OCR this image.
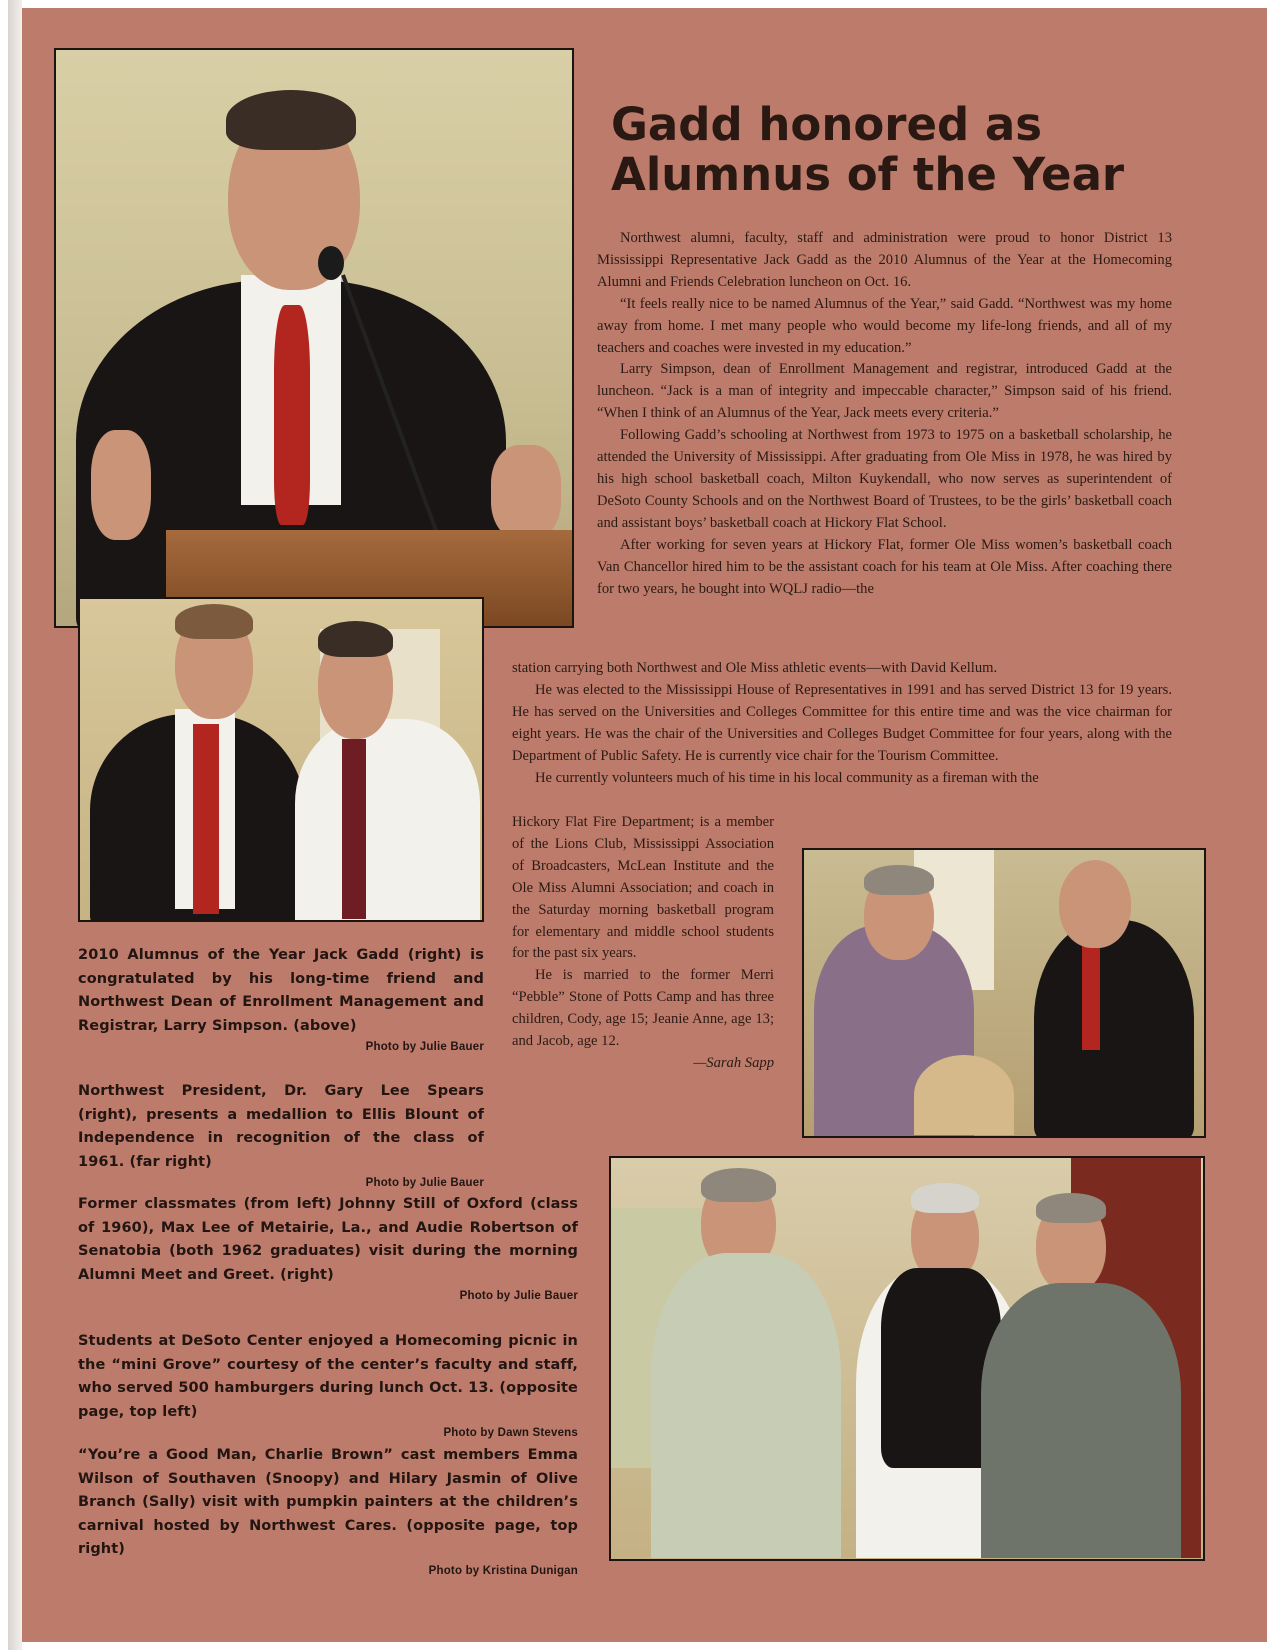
Gadd honored as Alumnus of the Year

Northwest alumni, faculty, staff and administration were proud to honor District 13 Mississippi Representative Jack Gadd as the 2010 Alumnus of the Year at the Homecoming Alumni and Friends Celebration luncheon on Oct. 16.

“It feels really nice to be named Alumnus of the Year,” said Gadd. “Northwest was my home away from home. I met many people who would become my life-long friends, and all of my teachers and coaches were invested in my education.”

Larry Simpson, dean of Enrollment Management and registrar, introduced Gadd at the luncheon. “Jack is a man of integrity and impeccable character,” Simpson said of his friend. “When I think of an Alumnus of the Year, Jack meets every criteria.”

Following Gadd’s schooling at Northwest from 1973 to 1975 on a basketball scholarship, he attended the University of Mississippi. After graduating from Ole Miss in 1978, he was hired by his high school basketball coach, Milton Kuykendall, who now serves as superintendent of DeSoto County Schools and on the Northwest Board of Trustees, to be the girls’ basketball coach and assistant boys’ basketball coach at Hickory Flat School.

After working for seven years at Hickory Flat, former Ole Miss women’s basketball coach Van Chancellor hired him to be the assistant coach for his team at Ole Miss. After coaching there for two years, he bought into WQLJ radio—the

station carrying both Northwest and Ole Miss athletic events—with David Kellum.

He was elected to the Mississippi House of Representatives in 1991 and has served District 13 for 19 years. He has served on the Universities and Colleges Committee for this entire time and was the vice chairman for eight years. He was the chair of the Universities and Colleges Budget Committee for four years, along with the Department of Public Safety. He is currently vice chair for the Tourism Committee.

He currently volunteers much of his time in his local community as a fireman with the

Hickory Flat Fire Department; is a member of the Lions Club, Mississippi Association of Broadcasters, McLean Institute and the Ole Miss Alumni Association; and coach in the Saturday morning basketball program for elementary and middle school students for the past six years.

He is married to the former Merri “Pebble” Stone of Potts Camp and has three children, Cody, age 15; Jeanie Anne, age 13; and Jacob, age 12.

—Sarah Sapp

2010 Alumnus of the Year Jack Gadd (right) is congratulated by his long-time friend and Northwest Dean of Enrollment Management and Registrar, Larry Simpson. (above)
Photo by Julie Bauer
Northwest President, Dr. Gary Lee Spears (right), presents a medallion to Ellis Blount of Independence in recognition of the class of 1961. (far right)
Photo by Julie Bauer
Former classmates (from left) Johnny Still of Oxford (class of 1960), Max Lee of Metairie, La., and Audie Robertson of Senatobia (both 1962 graduates) visit during the morning Alumni Meet and Greet. (right)
Photo by Julie Bauer
Students at DeSoto Center enjoyed a Homecoming picnic in the “mini Grove” courtesy of the center’s faculty and staff, who served 500 hamburgers during lunch Oct. 13. (opposite page, top left)
Photo by Dawn Stevens
“You’re a Good Man, Charlie Brown” cast members Emma Wilson of Southaven (Snoopy) and Hilary Jasmin of Olive Branch (Sally) visit with pumpkin painters at the children’s carnival hosted by Northwest Cares. (opposite page, top right)
Photo by Kristina Dunigan
